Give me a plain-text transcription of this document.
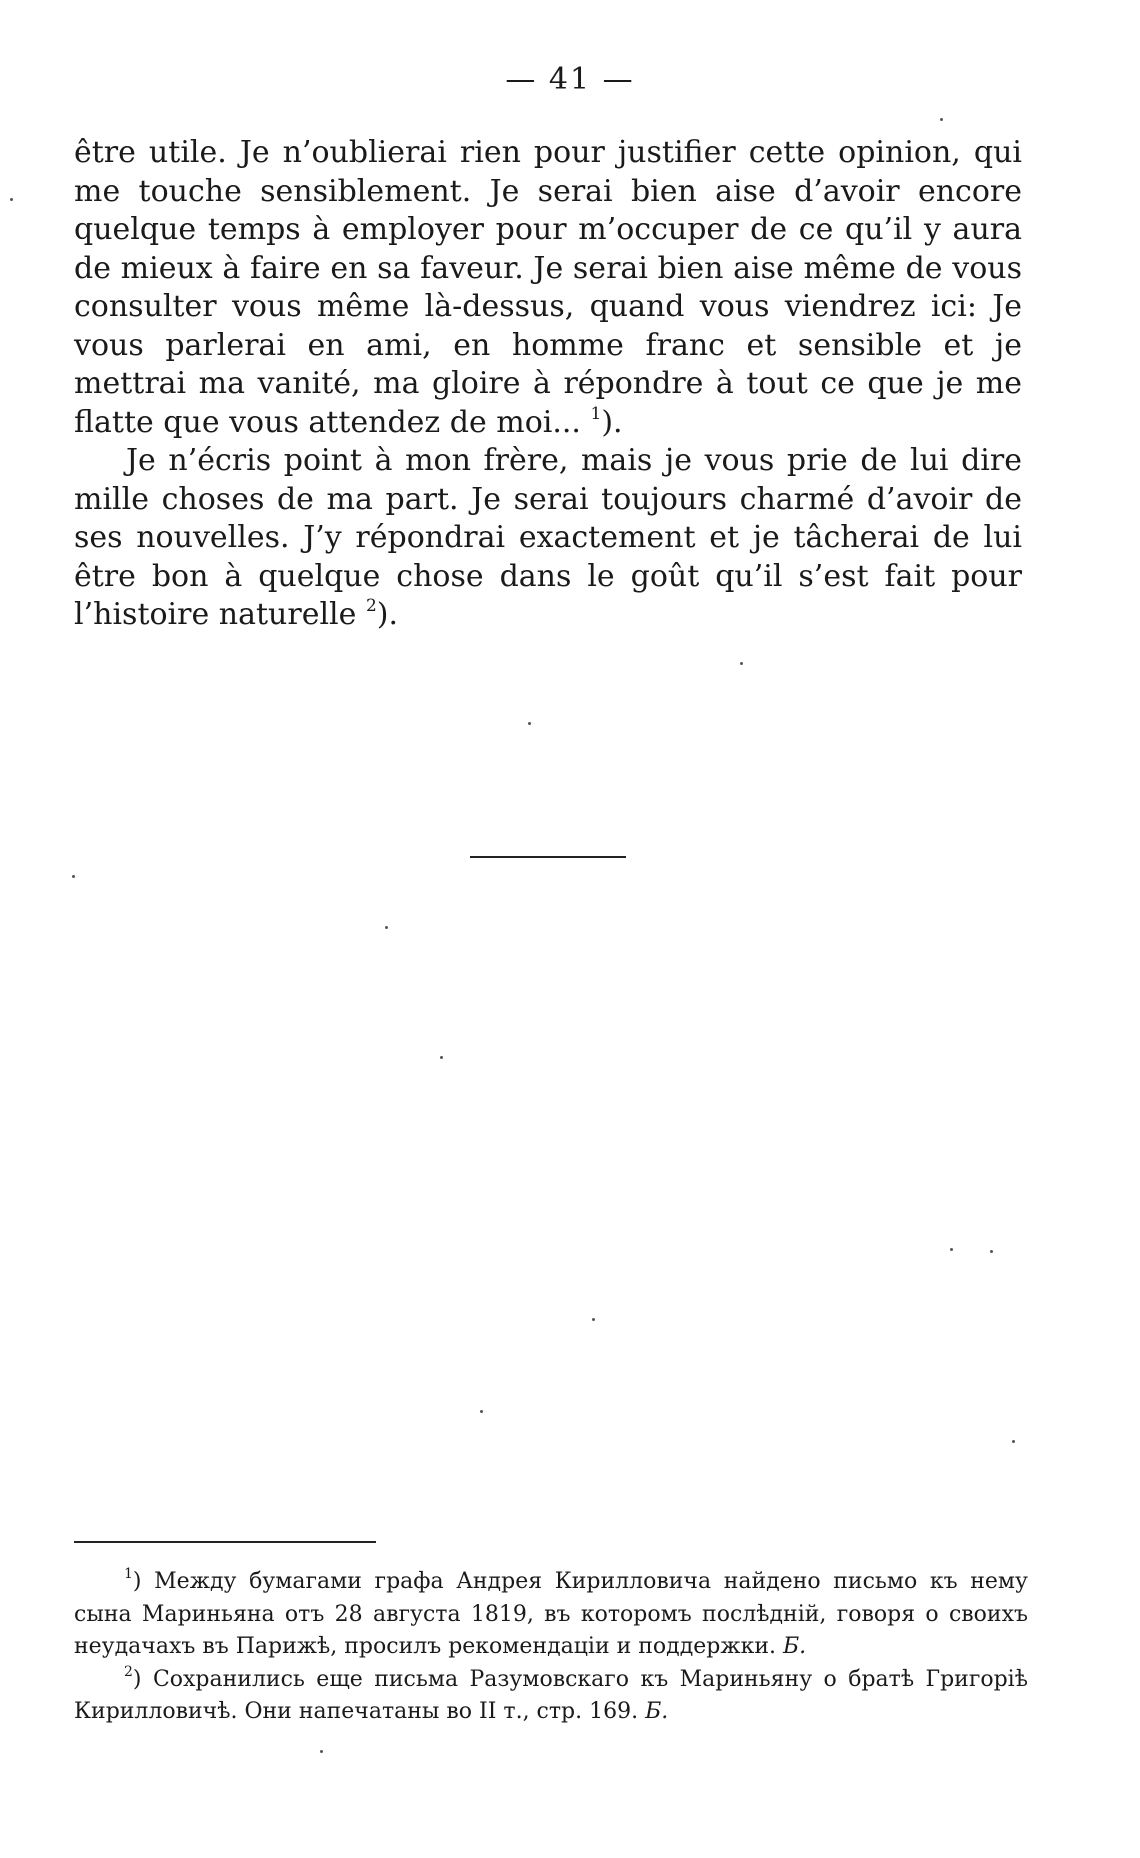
— 41 —

être utile. Je n’oublierai rien pour justifier cette opinion, qui me touche sensiblement. Je serai bien aise d’avoir encore quelque temps à employer pour m’occuper de ce qu’il y aura de mieux à faire en sa faveur. Je serai bien aise même de vous consulter vous même là-dessus, quand vous viendrez ici: Je vous parlerai en ami, en homme franc et sensible et je mettrai ma vanité, ma gloire à répondre à tout ce que je me flatte que vous attendez de moi... $^1$).

Je n’écris point à mon frère, mais je vous prie de lui dire mille choses de ma part. Je serai toujours charmé d’avoir de ses nouvelles. J’y répondrai exactement et je tâcherai de lui être bon à quelque chose dans le goût qu’il s’est fait pour l’histoire naturelle $^2$).

$^1$) Между бумагами графа Андрея Кирилловича найдено письмо къ нему сына Мариньяна отъ 28 августа 1819, въ которомъ послѣдній, говоря о своихъ неудачахъ въ Парижѣ, просилъ рекомендаціи и поддержки. Б.

$^2$) Сохранились еще письма Разумовскаго къ Мариньяну о братѣ Григоріѣ Кирилловичѣ. Они напечатаны во II т., стр. 169. Б.
